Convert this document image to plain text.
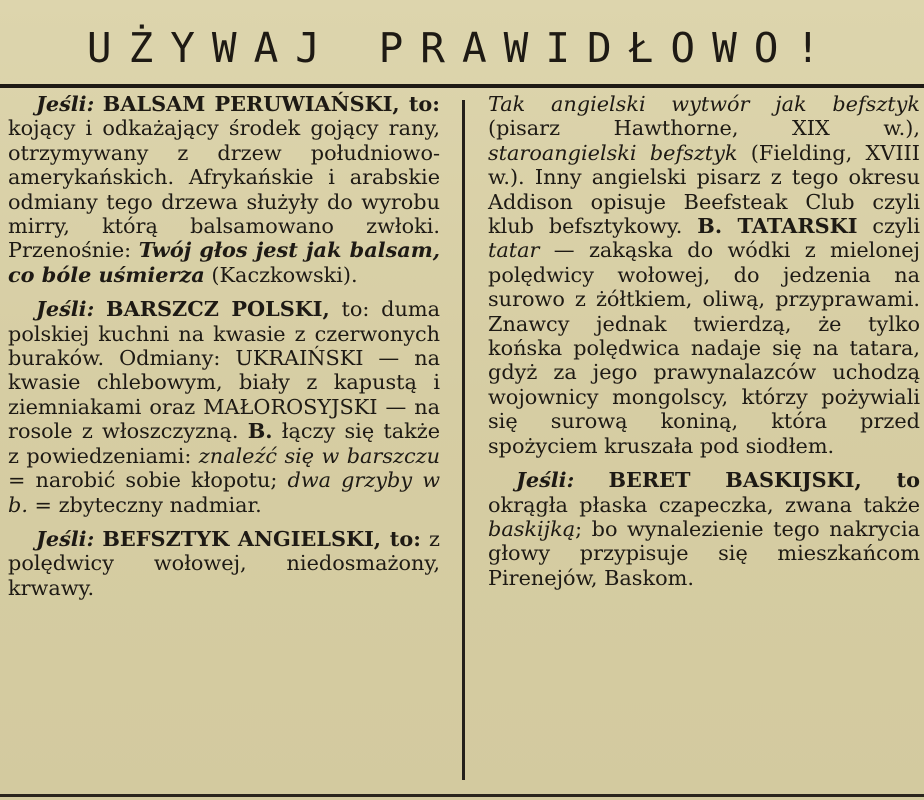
UŻYWAJ PRAWIDŁOWO!

Jeśli: BALSAM PERUWIAŃSKI, to: kojący i odkażający środek gojący rany, otrzymywany z drzew południowo-amerykańskich. Afrykańskie i arabskie odmiany tego drzewa służyły do wyrobu mirry, którą balsamowano zwłoki. Przenośnie: Twój głos jest jak balsam, co bóle uśmierza (Kaczkowski).

Jeśli: BARSZCZ POLSKI, to: duma polskiej kuchni na kwasie z czerwonych buraków. Odmiany: UKRAIŃSKI — na kwasie chlebowym, biały z kapustą i ziemniakami oraz MAŁOROSYJSKI — na rosole z włoszczyzną. B. łączy się także z powiedzeniami: znaleźć się w barszczu = narobić sobie kłopotu; dwa grzyby w b. = zbyteczny nadmiar.

Jeśli: BEFSZTYK ANGIELSKI, to: z polędwicy wołowej, niedosmażony, krwawy.

Tak angielski wytwór jak befsztyk (pisarz Hawthorne, XIX w.), staroangielski befsztyk (Fielding, XVIII w.). Inny angielski pisarz z tego okresu Addison opisuje Beefsteak Club czyli klub befsztykowy. B. TATARSKI czyli tatar — zakąska do wódki z mielonej polędwicy wołowej, do jedzenia na surowo z żółtkiem, oliwą, przyprawami. Znawcy jednak twierdzą, że tylko końska polędwica nadaje się na tatara, gdyż za jego prawynalazców uchodzą wojownicy mongolscy, którzy pożywiali się surową koniną, która przed spożyciem kruszała pod siodłem.

Jeśli: BERET BASKIJSKI, to okrągła płaska czapeczka, zwana także baskijką; bo wynalezienie tego nakrycia głowy przypisuje się mieszkańcom Pirenejów, Baskom.
